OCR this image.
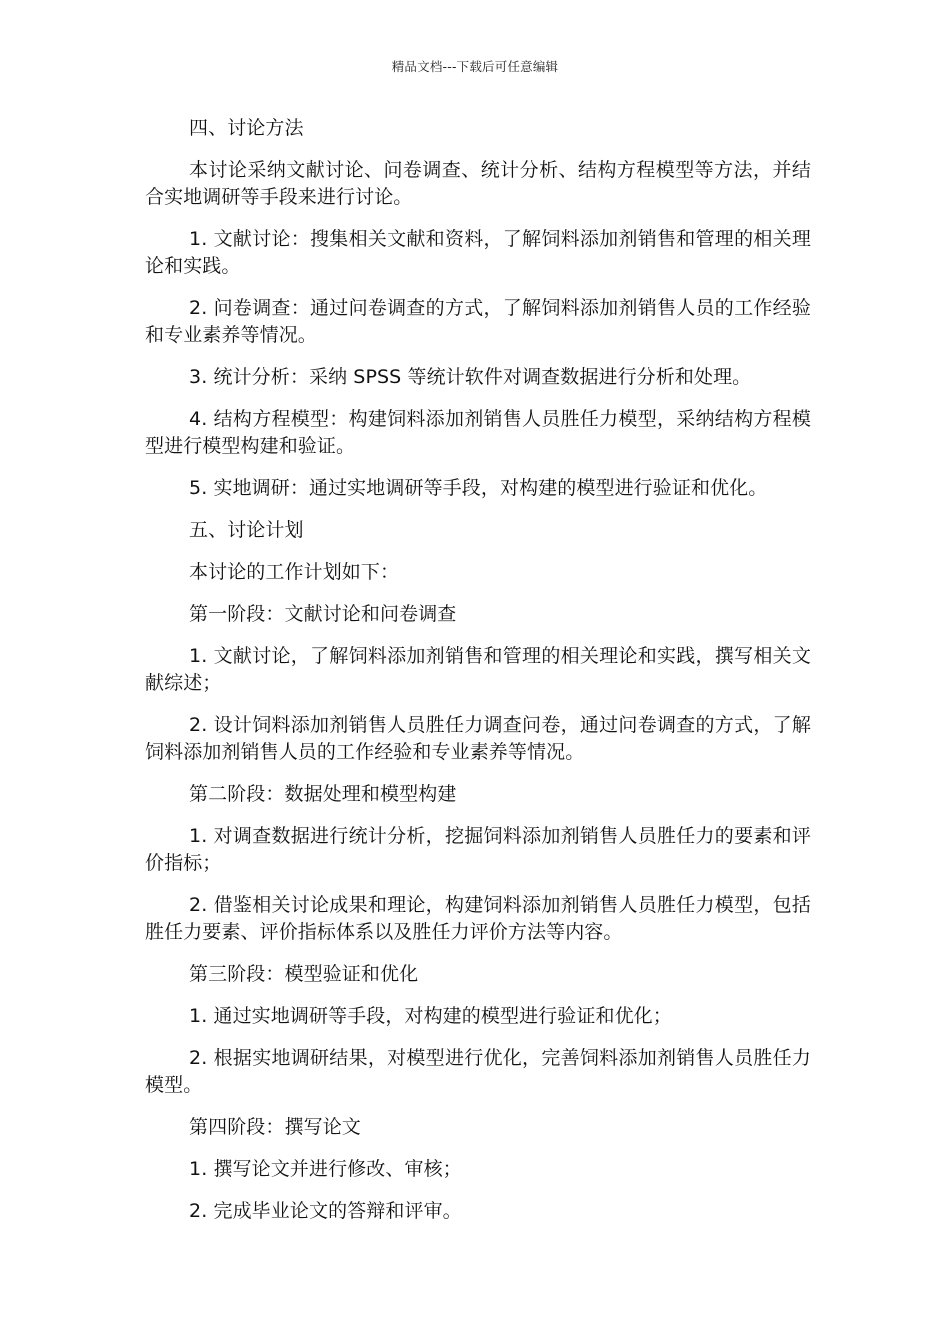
精品文档---下载后可任意编辑

四、讨论方法

本讨论采纳文献讨论、问卷调查、统计分析、结构方程模型等方法，并结合实地调研等手段来进行讨论。

1. 文献讨论：搜集相关文献和资料，了解饲料添加剂销售和管理的相关理论和实践。

2. 问卷调查：通过问卷调查的方式，了解饲料添加剂销售人员的工作经验和专业素养等情况。

3. 统计分析：采纳 SPSS 等统计软件对调查数据进行分析和处理。

4. 结构方程模型：构建饲料添加剂销售人员胜任力模型，采纳结构方程模型进行模型构建和验证。

5. 实地调研：通过实地调研等手段，对构建的模型进行验证和优化。

五、讨论计划

本讨论的工作计划如下：

第一阶段：文献讨论和问卷调查

1. 文献讨论，了解饲料添加剂销售和管理的相关理论和实践，撰写相关文献综述；

2. 设计饲料添加剂销售人员胜任力调查问卷，通过问卷调查的方式，了解饲料添加剂销售人员的工作经验和专业素养等情况。

第二阶段：数据处理和模型构建

1. 对调查数据进行统计分析，挖掘饲料添加剂销售人员胜任力的要素和评价指标；

2. 借鉴相关讨论成果和理论，构建饲料添加剂销售人员胜任力模型，包括胜任力要素、评价指标体系以及胜任力评价方法等内容。

第三阶段：模型验证和优化

1. 通过实地调研等手段，对构建的模型进行验证和优化；

2. 根据实地调研结果，对模型进行优化，完善饲料添加剂销售人员胜任力模型。

第四阶段：撰写论文

1. 撰写论文并进行修改、审核；

2. 完成毕业论文的答辩和评审。
